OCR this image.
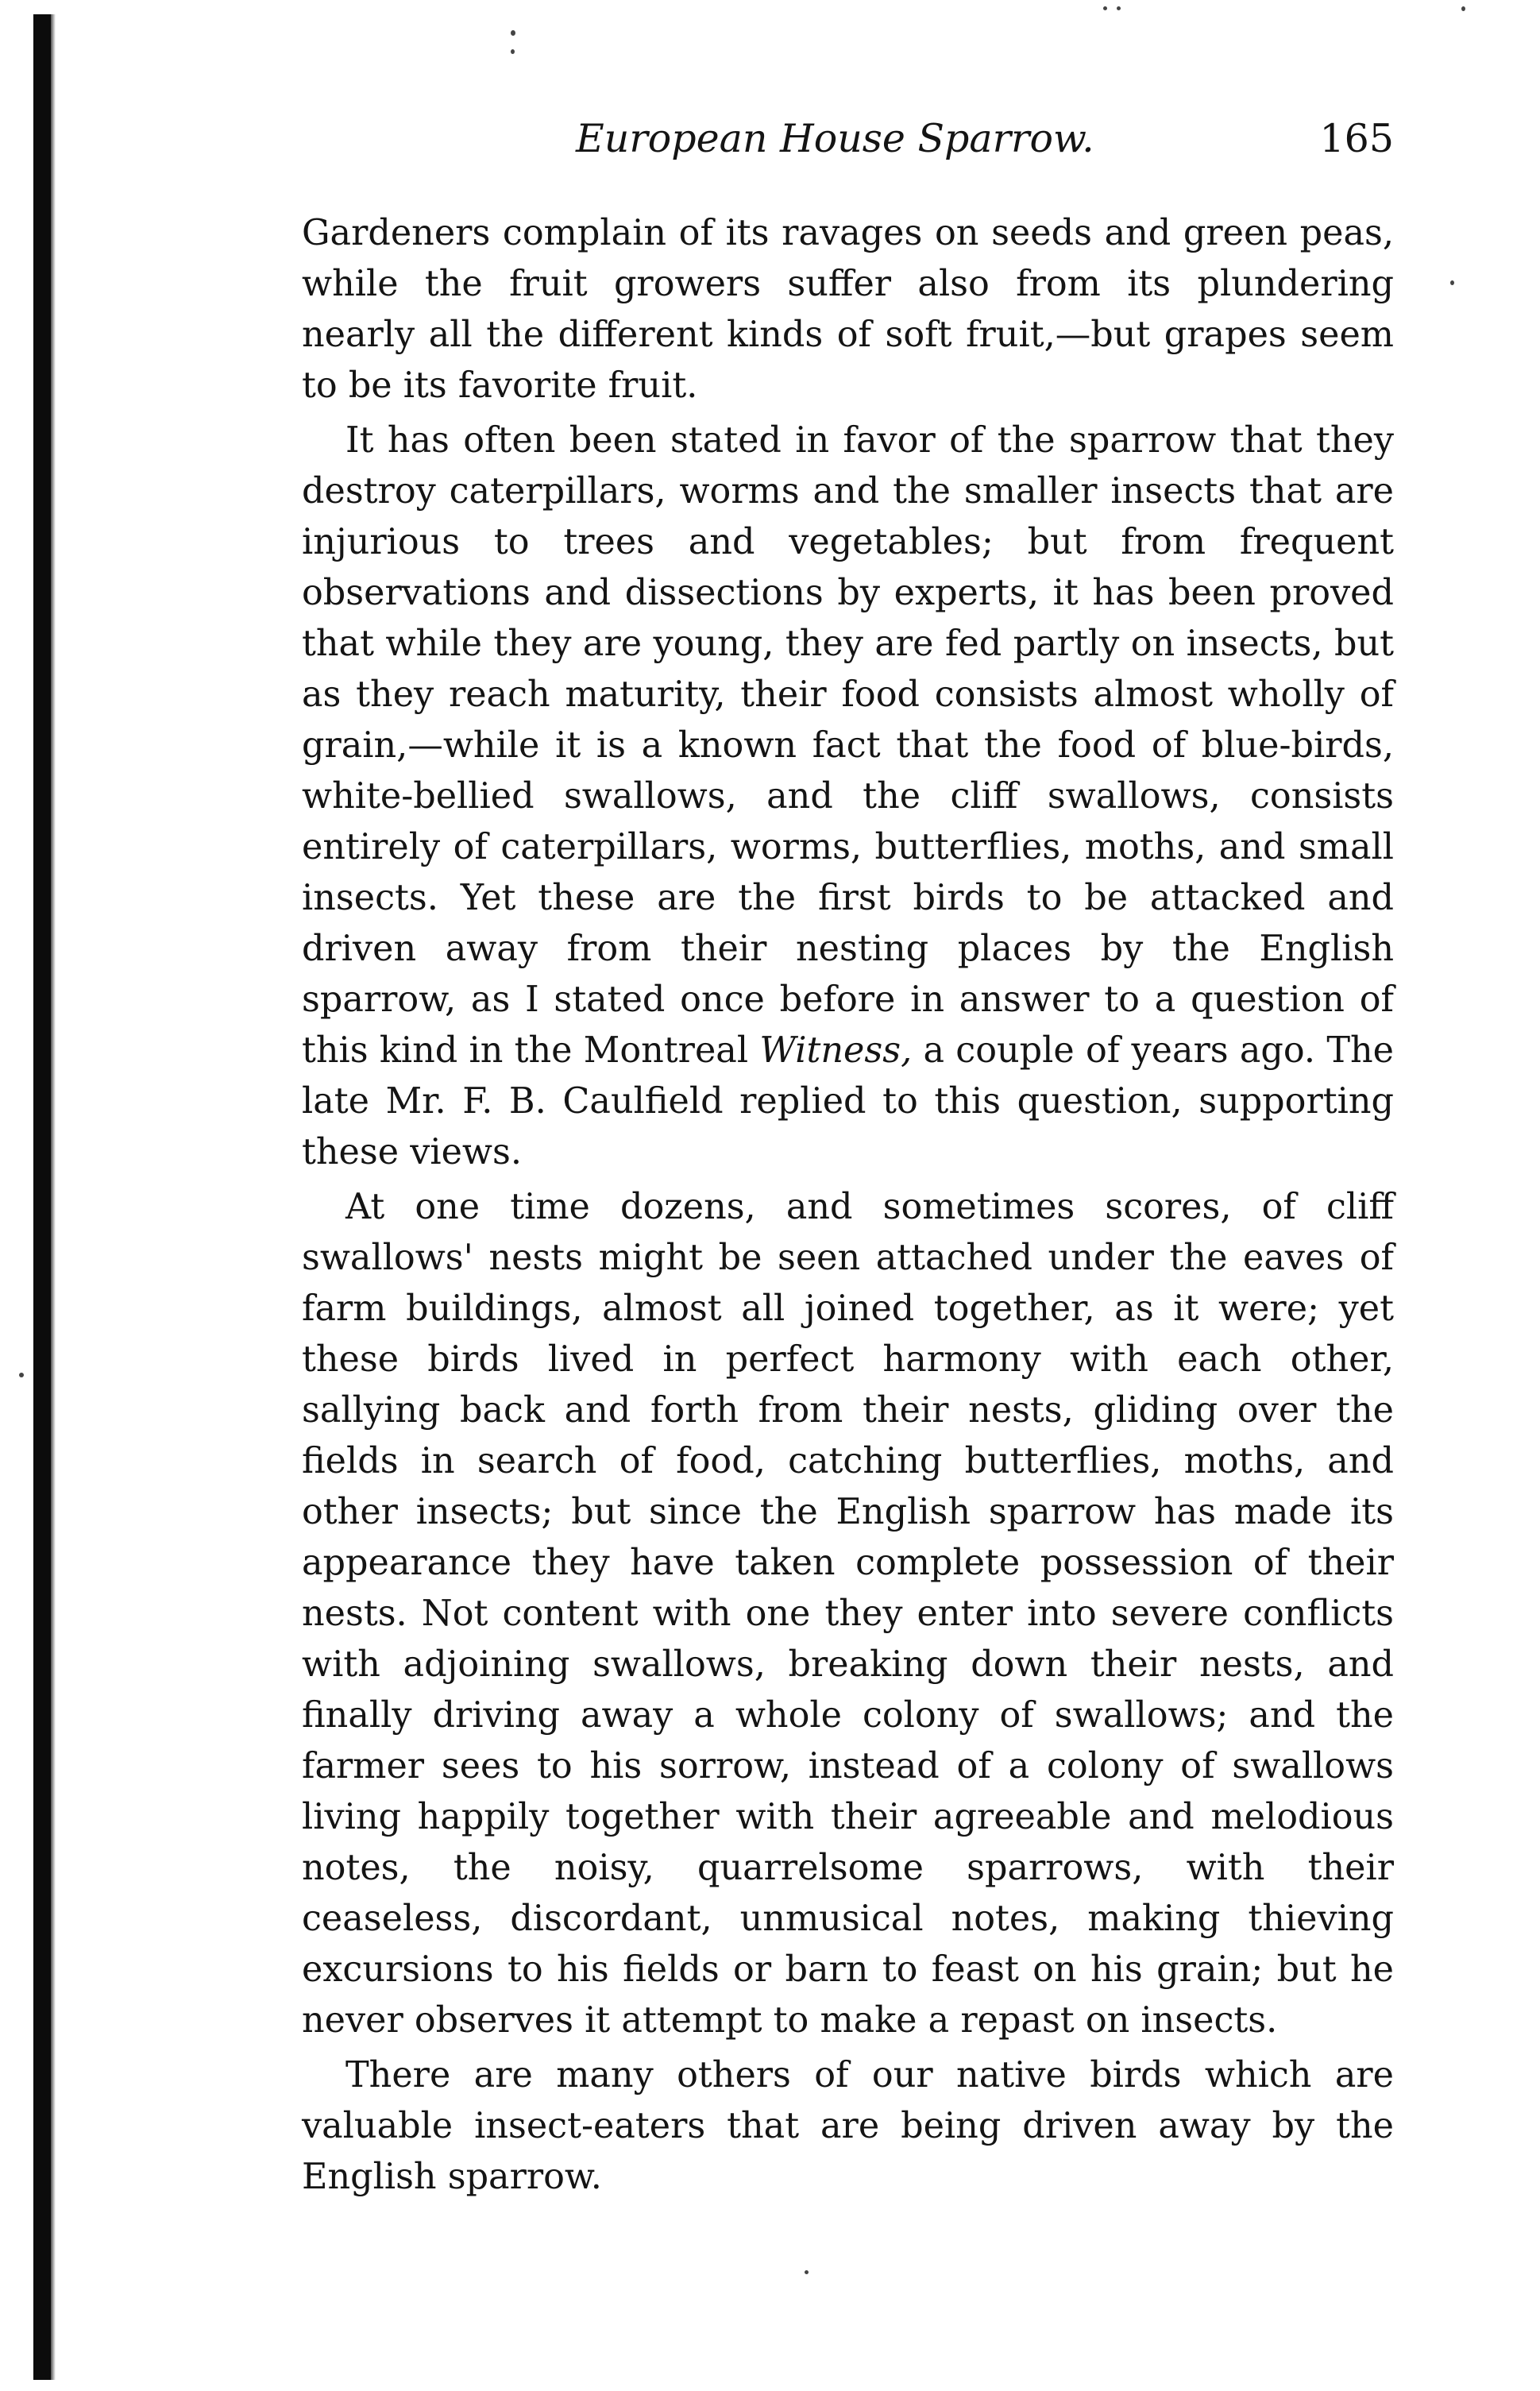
European House Sparrow.	165

Gardeners complain of its ravages on seeds and green peas, while the fruit growers suffer also from its plundering nearly all the different kinds of soft fruit,—but grapes seem to be its favorite fruit.

It has often been stated in favor of the sparrow that they destroy caterpillars, worms and the smaller insects that are injurious to trees and vegetables; but from frequent observations and dissections by experts, it has been proved that while they are young, they are fed partly on insects, but as they reach maturity, their food consists almost wholly of grain,—while it is a known fact that the food of blue-birds, white-bellied swallows, and the cliff swallows, consists entirely of caterpillars, worms, butterflies, moths, and small insects. Yet these are the first birds to be attacked and driven away from their nesting places by the English sparrow, as I stated once before in answer to a question of this kind in the Montreal Witness, a couple of years ago. The late Mr. F. B. Caulfield replied to this question, supporting these views.

At one time dozens, and sometimes scores, of cliff swallows' nests might be seen attached under the eaves of farm buildings, almost all joined together, as it were; yet these birds lived in perfect harmony with each other, sallying back and forth from their nests, gliding over the fields in search of food, catching butterflies, moths, and other insects; but since the English sparrow has made its appearance they have taken complete possession of their nests. Not content with one they enter into severe conflicts with adjoining swallows, breaking down their nests, and finally driving away a whole colony of swallows; and the farmer sees to his sorrow, instead of a colony of swallows living happily together with their agreeable and melodious notes, the noisy, quarrelsome sparrows, with their ceaseless, discordant, unmusical notes, making thieving excursions to his fields or barn to feast on his grain; but he never observes it attempt to make a repast on insects.

There are many others of our native birds which are valuable insect-eaters that are being driven away by the English sparrow.
